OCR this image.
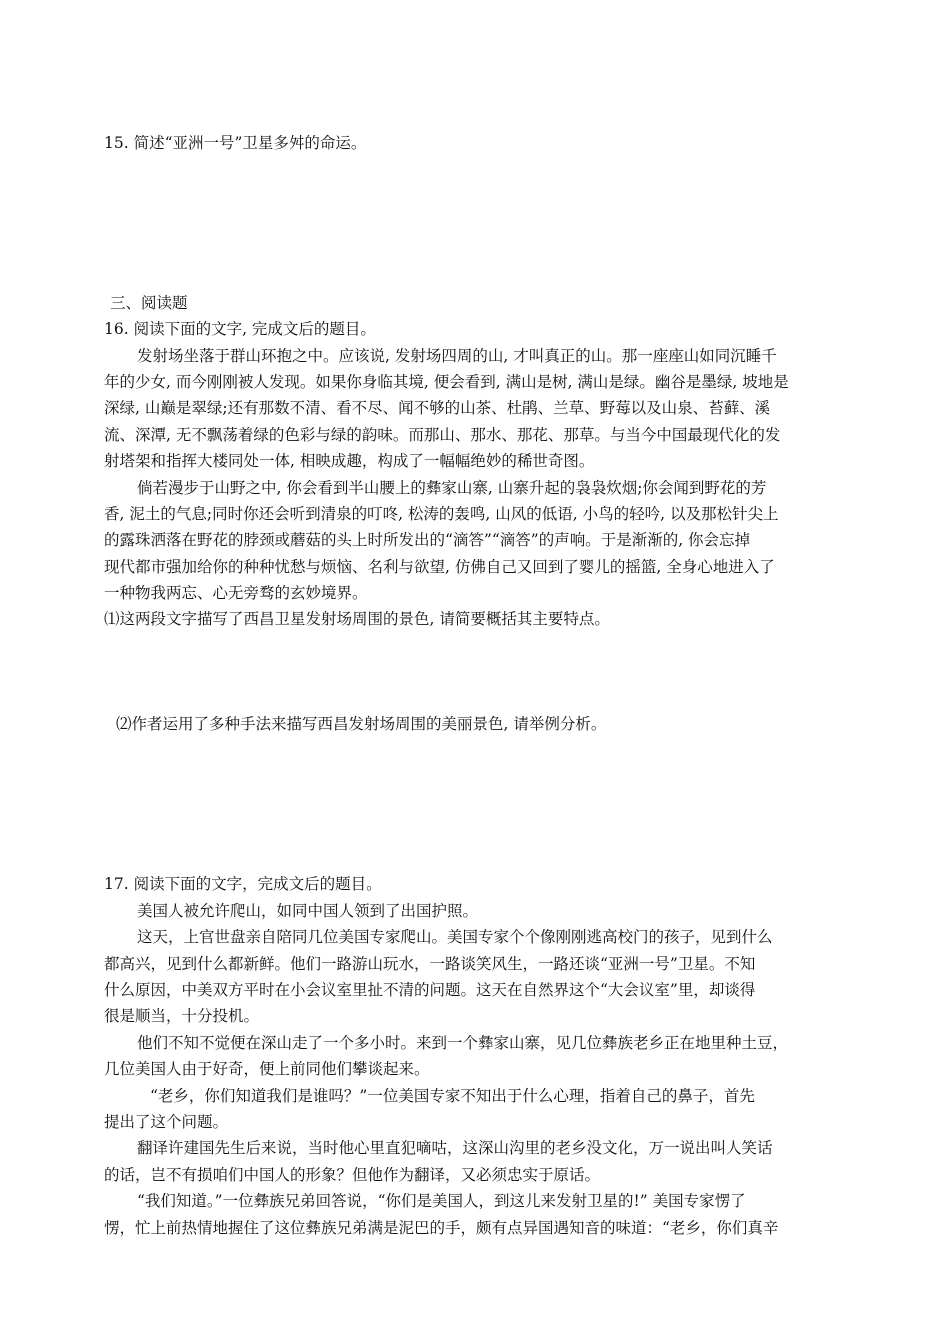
15. 简述“亚洲一号”卫星多舛的命运。
三、阅读题
16. 阅读下面的文字, 完成文后的题目。
发射场坐落于群山环抱之中。应该说, 发射场四周的山, 才叫真正的山。那一座座山如同沉睡千
年的少女, 而今刚刚被人发现。如果你身临其境, 便会看到, 满山是树, 满山是绿。幽谷是墨绿, 坡地是
深绿, 山巅是翠绿;还有那数不清、看不尽、闻不够的山茶、杜鹃、兰草、野莓以及山泉、苔藓、溪
流、深潭, 无不飘荡着绿的色彩与绿的韵味。而那山、那水、那花、那草。与当今中国最现代化的发
射塔架和指挥大楼同处一体, 相映成趣，构成了一幅幅绝妙的稀世奇图。
倘若漫步于山野之中, 你会看到半山腰上的彝家山寨, 山寨升起的袅袅炊烟;你会闻到野花的芳
香, 泥土的气息;同时你还会听到清泉的叮咚, 松涛的轰鸣, 山风的低语, 小鸟的轻吟, 以及那松针尖上
的露珠洒落在野花的脖颈或蘑菇的头上时所发出的“滴答”“滴答”的声响。于是渐渐的, 你会忘掉
现代都市强加给你的种种忧愁与烦恼、名利与欲望, 仿佛自己又回到了婴儿的摇篮, 全身心地进入了
一种物我两忘、心无旁骛的玄妙境界。
⑴这两段文字描写了西昌卫星发射场周围的景色, 请简要概括其主要特点。
⑵作者运用了多种手法来描写西昌发射场周围的美丽景色, 请举例分析。
17. 阅读下面的文字，完成文后的题目。
美国人被允许爬山，如同中国人领到了出国护照。
这天，上官世盘亲自陪同几位美国专家爬山。美国专家个个像刚刚逃高校门的孩子，见到什么
都高兴，见到什么都新鲜。他们一路游山玩水，一路谈笑风生，一路还谈“亚洲一号”卫星。不知
什么原因，中美双方平时在小会议室里扯不清的问题。这天在自然界这个“大会议室”里，却谈得
很是顺当，十分投机。
他们不知不觉便在深山走了一个多小时。来到一个彝家山寨，见几位彝族老乡正在地里种土豆，
几位美国人由于好奇，便上前同他们攀谈起来。
“老乡，你们知道我们是谁吗？”一位美国专家不知出于什么心理，指着自己的鼻子，首先
提出了这个问题。
翻译许建国先生后来说，当时他心里直犯嘀咕，这深山沟里的老乡没文化，万一说出叫人笑话
的话，岂不有损咱们中国人的形象？但他作为翻译，又必须忠实于原话。
“我们知道。”一位彝族兄弟回答说，“你们是美国人，到这儿来发射卫星的!” 美国专家愣了
愣，忙上前热情地握住了这位彝族兄弟满是泥巴的手，颇有点异国遇知音的味道：“老乡，你们真辛
